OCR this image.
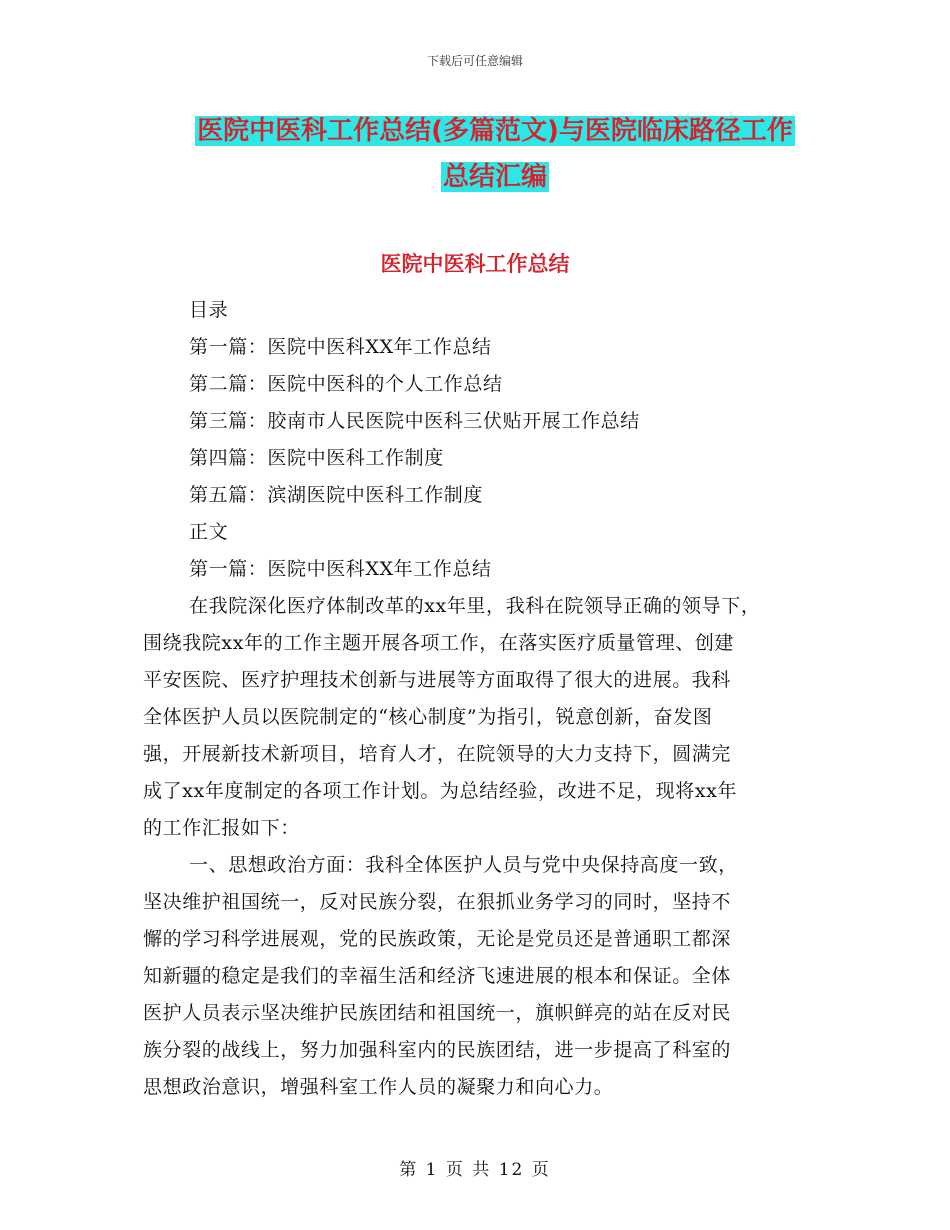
下载后可任意编辑
医院中医科工作总结(多篇范文)与医院临床路径工作
总结汇编
医院中医科工作总结
目录
第一篇：医院中医科XX年工作总结
第二篇：医院中医科的个人工作总结
第三篇：胶南市人民医院中医科三伏贴开展工作总结
第四篇：医院中医科工作制度
第五篇：滨湖医院中医科工作制度
正文
第一篇：医院中医科XX年工作总结
在我院深化医疗体制改革的xx年里，我科在院领导正确的领导下，
围绕我院xx年的工作主题开展各项工作，在落实医疗质量管理、创建
平安医院、医疗护理技术创新与进展等方面取得了很大的进展。我科
全体医护人员以医院制定的“核心制度”为指引，锐意创新，奋发图
强，开展新技术新项目，培育人才，在院领导的大力支持下，圆满完
成了xx年度制定的各项工作计划。为总结经验，改进不足，现将xx年
的工作汇报如下：
一、思想政治方面：我科全体医护人员与党中央保持高度一致，
坚决维护祖国统一，反对民族分裂，在狠抓业务学习的同时，坚持不
懈的学习科学进展观，党的民族政策，无论是党员还是普通职工都深
知新疆的稳定是我们的幸福生活和经济飞速进展的根本和保证。全体
医护人员表示坚决维护民族团结和祖国统一，旗帜鲜亮的站在反对民
族分裂的战线上，努力加强科室内的民族团结，进一步提高了科室的
思想政治意识，增强科室工作人员的凝聚力和向心力。
第 1 页 共 12 页
